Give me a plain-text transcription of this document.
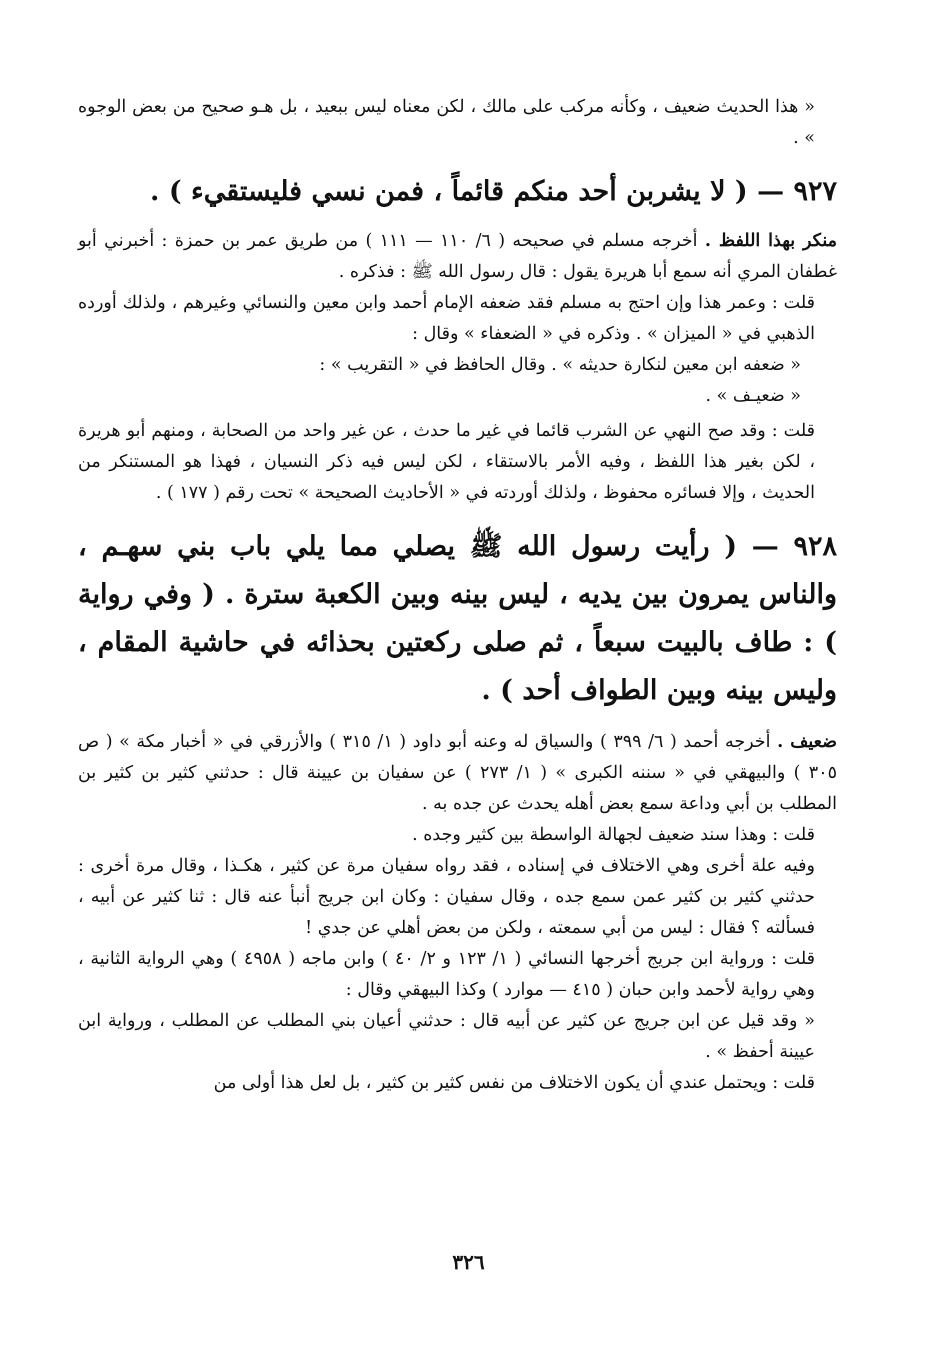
« هذا الحديث ضعيف ، وكأنه مركب على مالك ، لكن معناه ليس ببعيد ، بل هـو صحيح من بعض الوجوه » .

٩٢٧ — ( لا يشربن أحد منكم قائماً ، فمن نسي فليستقيء ) .

منكر بهذا اللفظ . أخرجه مسلم في صحيحه ( ٦/ ١١٠ — ١١١ ) من طريق عمر بن حمزة : أخبرني أبو غطفان المري أنه سمع أبا هريرة يقول : قال رسول الله ﷺ : فذكره .

قلت : وعمر هذا وإن احتج به مسلم فقد ضعفه الإمام أحمد وابن معين والنسائي وغيرهم ، ولذلك أورده الذهبي في « الميزان » . وذكره في « الضعفاء » وقال :

« ضعفه ابن معين لنكارة حديثه » . وقال الحافظ في « التقريب » :

« ضعيـف » .

قلت : وقد صح النهي عن الشرب قائما في غير ما حدث ، عن غير واحد من الصحابة ، ومنهم أبو هريرة ، لكن بغير هذا اللفظ ، وفيه الأمر بالاستقاء ، لكن ليس فيه ذكر النسيان ، فهذا هو المستنكر من الحديث ، وإلا فسائره محفوظ ، ولذلك أوردته في « الأحاديث الصحيحة » تحت رقم ( ١٧٧ ) .

٩٢٨ — ( رأيت رسول الله ﷺ يصلي مما يلي باب بني سهـم ، والناس يمرون بين يديه ، ليس بينه وبين الكعبة سترة . ( وفي رواية ) : طاف بالبيت سبعاً ، ثم صلى ركعتين بحذائه في حاشية المقام ، وليس بينه وبين الطواف أحد ) .

ضعيف . أخرجه أحمد ( ٦/ ٣٩٩ ) والسياق له وعنه أبو داود ( ١/ ٣١٥ ) والأزرقي في « أخبار مكة » ( ص ٣٠٥ ) والبيهقي في « سننه الكبرى » ( ١/ ٢٧٣ ) عن سفيان بن عيينة قال : حدثني كثير بن كثير بن المطلب بن أبي وداعة سمع بعض أهله يحدث عن جده به .

قلت : وهذا سند ضعيف لجهالة الواسطة بين كثير وجده .

وفيه علة أخرى وهي الاختلاف في إسناده ، فقد رواه سفيان مرة عن كثير ، هكـذا ، وقال مرة أخرى : حدثني كثير بن كثير عمن سمع جده ، وقال سفيان : وكان ابن جريج أنبأ عنه قال : ثنا كثير عن أبيه ، فسألته ؟ فقال : ليس من أبي سمعته ، ولكن من بعض أهلي عن جدي !

قلت : ورواية ابن جريج أخرجها النسائي ( ١/ ١٢٣ و ٢/ ٤٠ ) وابن ماجه ( ٤٩٥٨ ) وهي الرواية الثانية ، وهي رواية لأحمد وابن حبان ( ٤١٥ — موارد ) وكذا البيهقي وقال :

« وقد قيل عن ابن جريج عن كثير عن أبيه قال : حدثني أعيان بني المطلب عن المطلب ، ورواية ابن عيينة أحفظ » .

قلت : ويحتمل عندي أن يكون الاختلاف من نفس كثير بن كثير ، بل لعل هذا أولى من

٣٢٦
